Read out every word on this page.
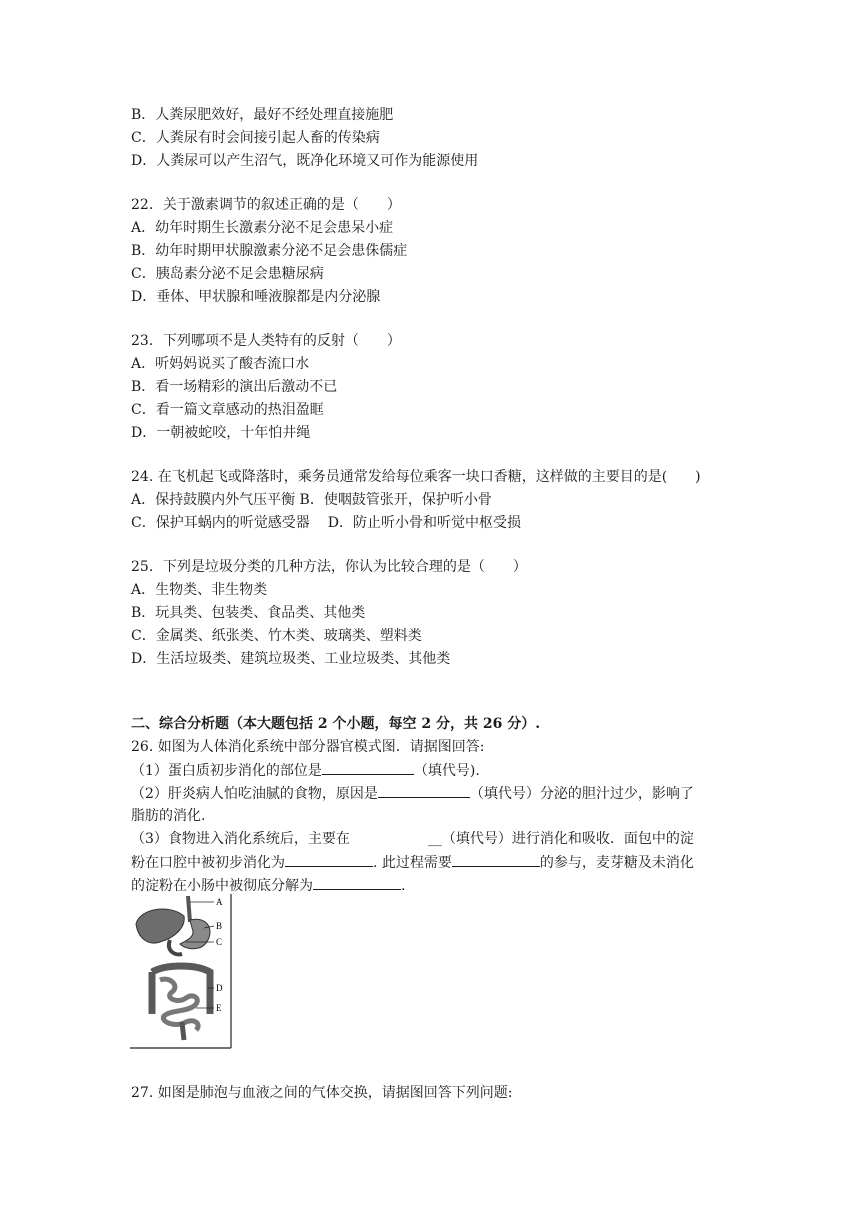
B．人粪尿肥效好，最好不经处理直接施肥
C．人粪尿有时会间接引起人畜的传染病
D．人粪尿可以产生沼气，既净化环境又可作为能源使用
22．关于激素调节的叙述正确的是（　　）
A．幼年时期生长激素分泌不足会患呆小症
B．幼年时期甲状腺激素分泌不足会患侏儒症
C．胰岛素分泌不足会患糖尿病
D．垂体、甲状腺和唾液腺都是内分泌腺
23．下列哪项不是人类特有的反射（　　）
A．听妈妈说买了酸杏流口水
B．看一场精彩的演出后激动不已
C．看一篇文章感动的热泪盈眶
D．一朝被蛇咬，十年怕井绳
24. 在飞机起飞或降落时，乘务员通常发给每位乘客一块口香糖，这样做的主要目的是(　　)
A．保持鼓膜内外气压平衡 B．使咽鼓管张开，保护听小骨
C．保护耳蜗内的听觉感受器 D．防止听小骨和听觉中枢受损
25．下列是垃圾分类的几种方法，你认为比较合理的是（　　）
A．生物类、非生物类
B．玩具类、包装类、食品类、其他类
C．金属类、纸张类、竹木类、玻璃类、塑料类
D．生活垃圾类、建筑垃圾类、工业垃圾类、其他类
二、综合分析题（本大题包括 2 个小题，每空 2 分，共 26 分）.
26. 如图为人体消化系统中部分器官模式图．请据图回答:
（1）蛋白质初步消化的部位是	（填代号).
（2）肝炎病人怕吃油腻的食物，原因是	（填代号）分泌的胆汁过少，影响了
脂肪的消化.
（3）食物进入消化系统后，主要在	__（填代号）进行消化和吸收．面包中的淀
粉在口腔中被初步消化为	. 此过程需要	的参与，麦芽糖及未消化
的淀粉在小肠中被彻底分解为	.
A
B
C
D
E
27. 如图是肺泡与血液之间的气体交换，请据图回答下列问题:
